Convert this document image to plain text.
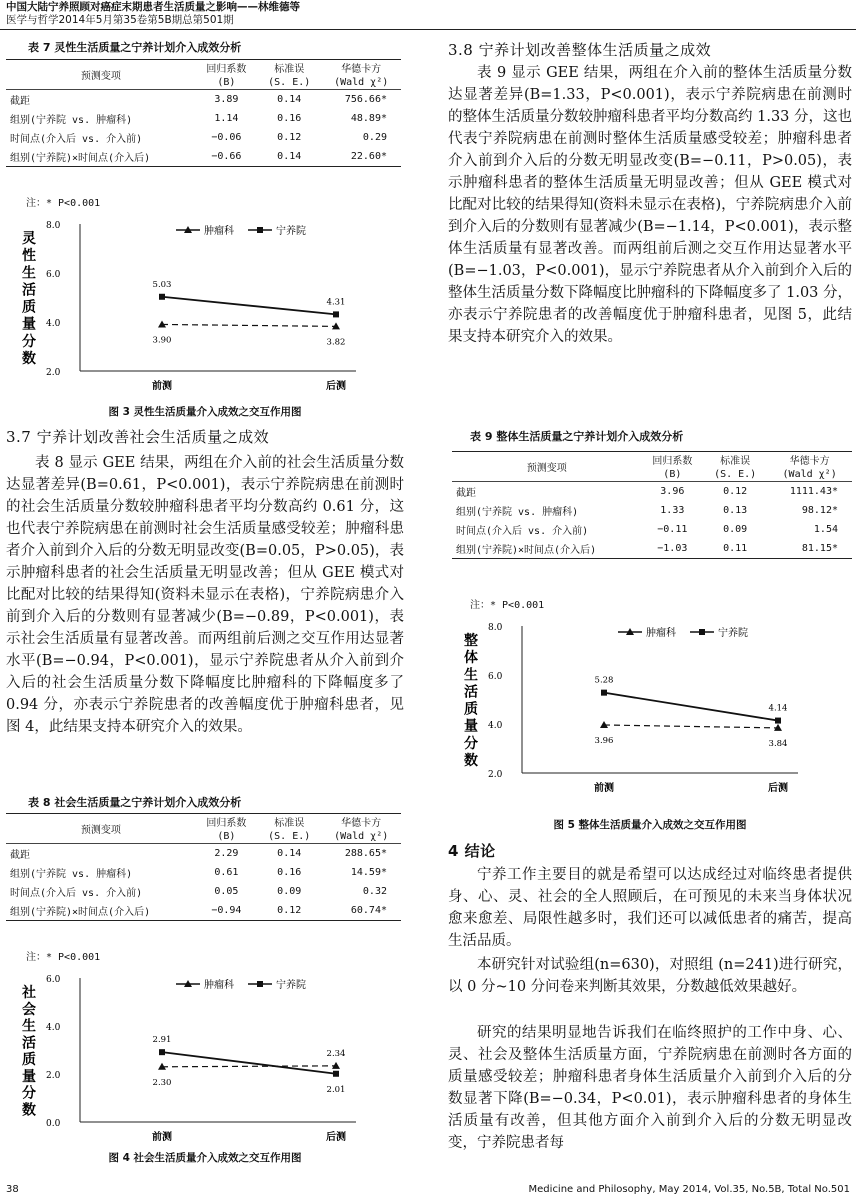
中国大陆宁养照顾对癌症末期患者生活质量之影响——林维德等
医学与哲学2014年5月第35卷第5B期总第501期
表 7 灵性生活质量之宁养计划介入成效分析
预测变项	回归系数	标准误	华德卡方
	(B)	(S. E.)	(Wald χ²)
截距	3.89	0.14	756.66*
组别(宁养院 vs. 肿瘤科)	1.14	0.16	48.89*
时间点(介入后 vs. 介入前)	−0.06	0.12	0.29
组别(宁养院)×时间点(介入后)	−0.66	0.14	22.60*
注：* P<0.001
2.0
4.0
6.0
8.0
灵
性
生
活
质
量
分
数
前测	后测
肿瘤科	宁养院
3.90
5.03
3.82
4.31
图 3 灵性生活质量介入成效之交互作用图
3.7 宁养计划改善社会生活质量之成效
表 8 显示 GEE 结果，两组在介入前的社会生活质量分数达显著差异(B=0.61，P<0.001)，表示宁养院病患在前测时的社会生活质量分数较肿瘤科患者平均分数高约 0.61 分，这也代表宁养院病患在前测时社会生活质量感受较差；肿瘤科患者介入前到介入后的分数无明显改变(B=0.05，P>0.05)，表示肿瘤科患者的社会生活质量无明显改善；但从 GEE 模式对比配对比较的结果得知(资料未显示在表格)，宁养院病患介入前到介入后的分数则有显著减少(B=−0.89，P<0.001)，表示社会生活质量有显著改善。而两组前后测之交互作用达显著水平(B=−0.94，P<0.001)，显示宁养院患者从介入前到介入后的社会生活质量分数下降幅度比肿瘤科的下降幅度多了 0.94 分，亦表示宁养院患者的改善幅度优于肿瘤科患者，见图 4，此结果支持本研究介入的效果。
表 8 社会生活质量之宁养计划介入成效分析
预测变项	回归系数	标准误	华德卡方
	(B)	(S. E.)	(Wald χ²)
截距	2.29	0.14	288.65*
组别(宁养院 vs. 肿瘤科)	0.61	0.16	14.59*
时间点(介入后 vs. 介入前)	0.05	0.09	0.32
组别(宁养院)×时间点(介入后)	−0.94	0.12	60.74*
注：* P<0.001
0.0
2.0
4.0
6.0
社
会
生
活
质
量
分
数
前测	后测
肿瘤科	宁养院
2.30
2.91
2.34
2.01
图 4 社会生活质量介入成效之交互作用图
3.8 宁养计划改善整体生活质量之成效
表 9 显示 GEE 结果，两组在介入前的整体生活质量分数达显著差异(B=1.33，P<0.001)，表示宁养院病患在前测时的整体生活质量分数较肿瘤科患者平均分数高约 1.33 分，这也代表宁养院病患在前测时整体生活质量感受较差；肿瘤科患者介入前到介入后的分数无明显改变(B=−0.11，P>0.05)，表示肿瘤科患者的整体生活质量无明显改善；但从 GEE 模式对比配对比较的结果得知(资料未显示在表格)，宁养院病患介入前到介入后的分数则有显著减少(B=−1.14，P<0.001)，表示整体生活质量有显著改善。而两组前后测之交互作用达显著水平(B=−1.03，P<0.001)，显示宁养院患者从介入前到介入后的整体生活质量分数下降幅度比肿瘤科的下降幅度多了 1.03 分，亦表示宁养院患者的改善幅度优于肿瘤科患者，见图 5，此结果支持本研究介入的效果。
表 9 整体生活质量之宁养计划介入成效分析
预测变项	回归系数	标准误	华德卡方
	(B)	(S. E.)	(Wald χ²)
截距	3.96	0.12	1111.43*
组别(宁养院 vs. 肿瘤科)	1.33	0.13	98.12*
时间点(介入后 vs. 介入前)	−0.11	0.09	1.54
组别(宁养院)×时间点(介入后)	−1.03	0.11	81.15*
注：* P<0.001
2.0
4.0
6.0
8.0
整
体
生
活
质
量
分
数
前测	后测
肿瘤科	宁养院
3.96
5.28
3.84
4.14
图 5 整体生活质量介入成效之交互作用图
4 结论
宁养工作主要目的就是希望可以达成经过对临终患者提供身、心、灵、社会的全人照顾后，在可预见的未来当身体状况愈来愈差、局限性越多时，我们还可以减低患者的痛苦，提高生活品质。
本研究针对试验组(n=630)，对照组 (n=241)进行研究，以 0 分~10 分问卷来判断其效果，分数越低效果越好。
研究的结果明显地告诉我们在临终照护的工作中身、心、灵、社会及整体生活质量方面，宁养院病患在前测时各方面的质量感受较差；肿瘤科患者身体生活质量介入前到介入后的分数显著下降(B=−0.34，P<0.01)，表示肿瘤科患者的身体生活质量有改善，但其他方面介入前到介入后的分数无明显改变，宁养院患者每
38	Medicine and Philosophy, May 2014, Vol.35, No.5B, Total No.501
